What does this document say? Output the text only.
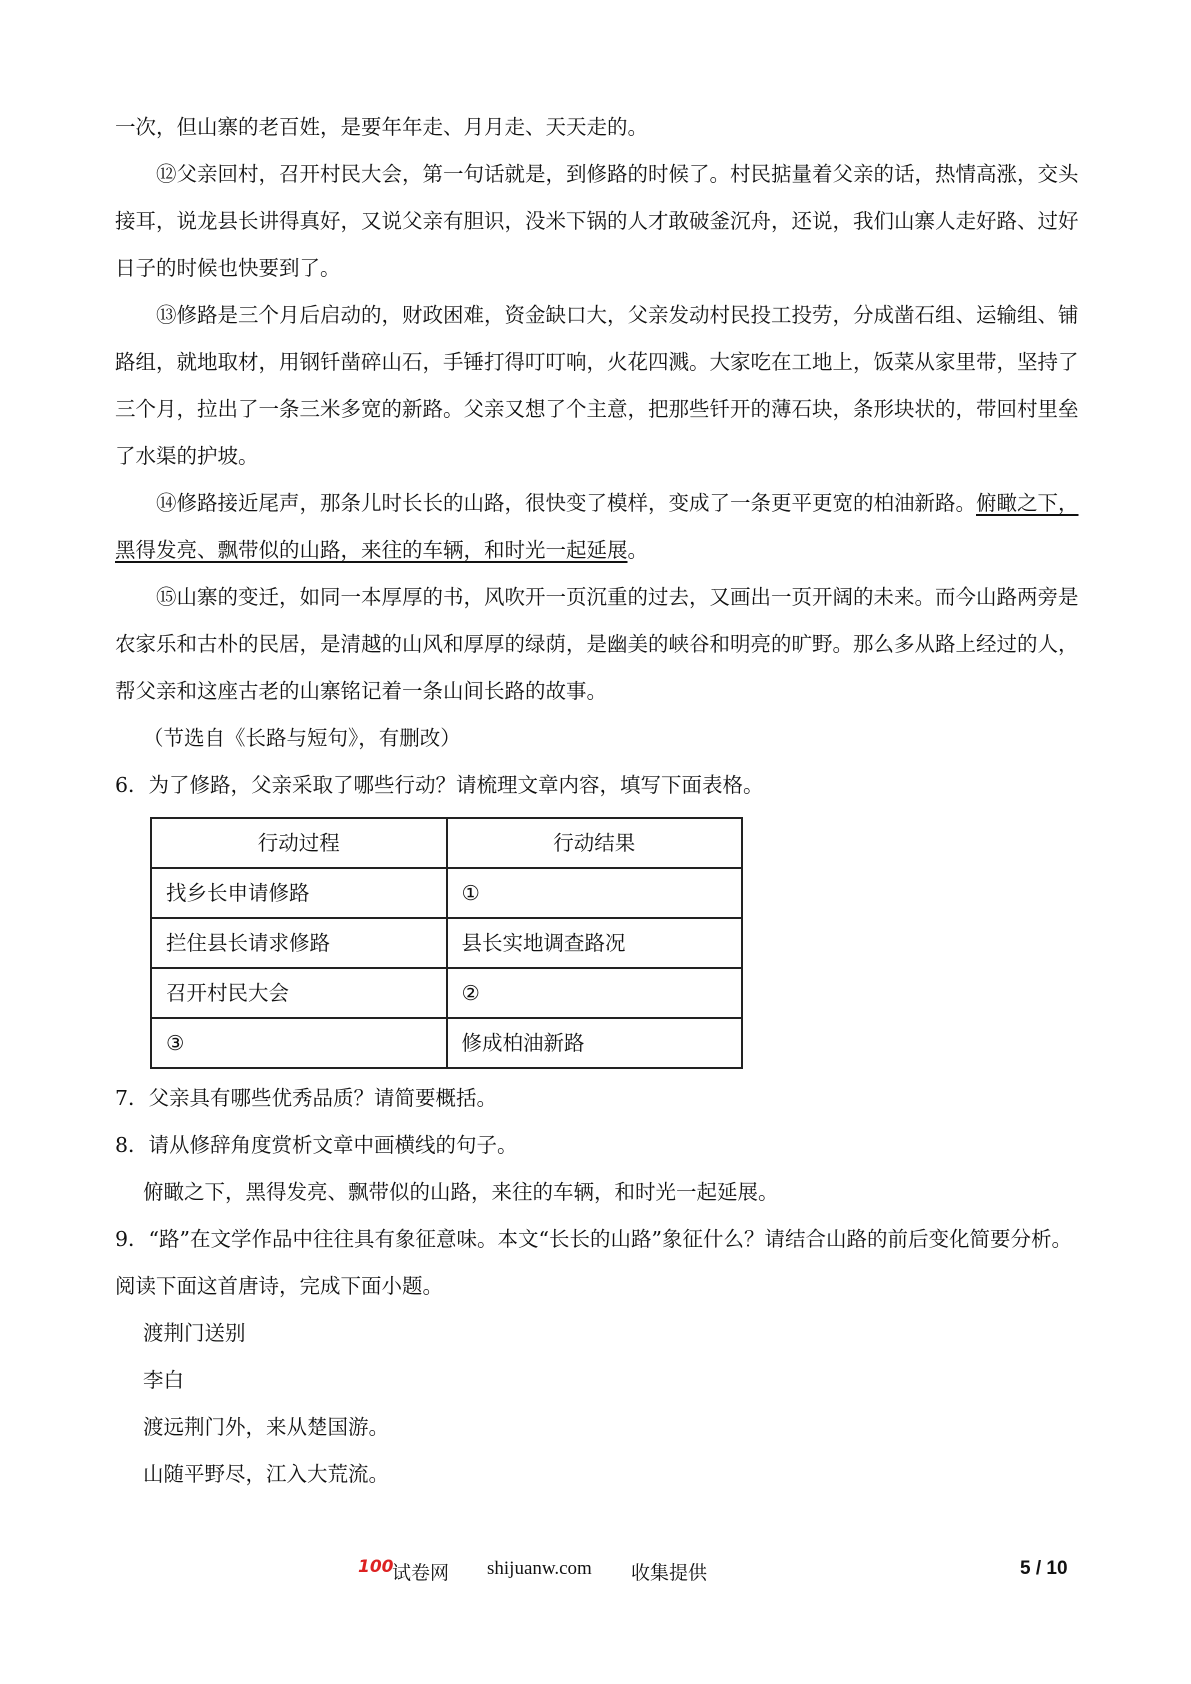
一次，但山寨的老百姓，是要年年走、月月走、天天走的。

⑫父亲回村，召开村民大会，第一句话就是，到修路的时候了。村民掂量着父亲的话，热情高涨，交头接耳，说龙县长讲得真好，又说父亲有胆识，没米下锅的人才敢破釜沉舟，还说，我们山寨人走好路、过好日子的时候也快要到了。

⑬修路是三个月后启动的，财政困难，资金缺口大，父亲发动村民投工投劳，分成凿石组、运输组、铺路组，就地取材，用钢钎凿碎山石，手锤打得叮叮响，火花四溅。大家吃在工地上，饭菜从家里带，坚持了三个月，拉出了一条三米多宽的新路。父亲又想了个主意，把那些钎开的薄石块，条形块状的，带回村里垒了水渠的护坡。

⑭修路接近尾声，那条儿时长长的山路，很快变了模样，变成了一条更平更宽的柏油新路。俯瞰之下，黑得发亮、飘带似的山路，来往的车辆，和时光一起延展。

⑮山寨的变迁，如同一本厚厚的书，风吹开一页沉重的过去，又画出一页开阔的未来。而今山路两旁是农家乐和古朴的民居，是清越的山风和厚厚的绿荫，是幽美的峡谷和明亮的旷野。那么多从路上经过的人，帮父亲和这座古老的山寨铭记着一条山间长路的故事。

（节选自《长路与短句》，有删改）

6．为了修路，父亲采取了哪些行动？请梳理文章内容，填写下面表格。

行动过程	行动结果
找乡长申请修路	①
拦住县长请求修路	县长实地调查路况
召开村民大会	②
③	修成柏油新路

7．父亲具有哪些优秀品质？请简要概括。

8．请从修辞角度赏析文章中画横线的句子。

俯瞰之下，黑得发亮、飘带似的山路，来往的车辆，和时光一起延展。

9．“路”在文学作品中往往具有象征意味。本文“长长的山路”象征什么？请结合山路的前后变化简要分析。

阅读下面这首唐诗，完成下面小题。

渡荆门送别

李白

渡远荆门外，来从楚国游。

山随平野尽，江入大荒流。

100
试卷网 shijuanw.com 收集提供	5 / 10
